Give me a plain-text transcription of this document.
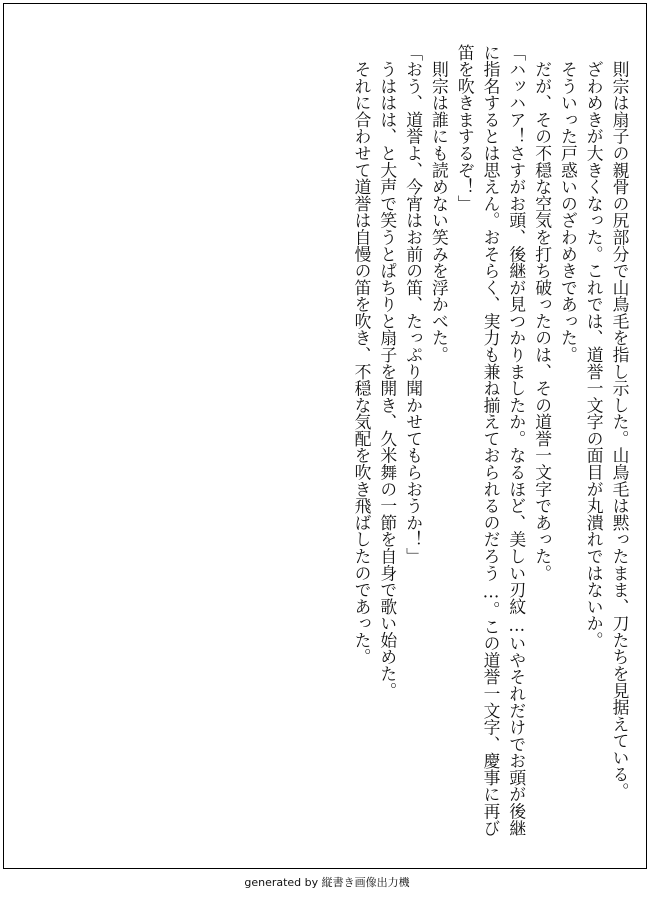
　則宗は扇子の親骨の尻部分で山鳥毛を指し示した。山鳥毛は黙ったまま、刀たちを見据えている。

　ざわめきが大きくなった。これでは、道誉一文字の面目が丸潰れではないか。

　そういった戸惑いのざわめきであった。

　だが、その不穏な空気を打ち破ったのは、その道誉一文字であった。

「ハッハア！さすがお頭、後継が見つかりましたか。なるほど、美しい刃紋…いやそれだけでお頭が後継に指名するとは思えん。おそらく、実力も兼ね揃えておられるのだろう…。この道誉一文字、慶事に再び笛を吹きまするぞ！」

　則宗は誰にも読めない笑みを浮かべた。

「おう、道誉よ、今宵はお前の笛、たっぷり聞かせてもらおうか！」

　うははは、と大声で笑うとぱちりと扇子を開き、久米舞の一節を自身で歌い始めた。

　それに合わせて道誉は自慢の笛を吹き、不穏な気配を吹き飛ばしたのであった。

generated by 縦書き画像出力機
